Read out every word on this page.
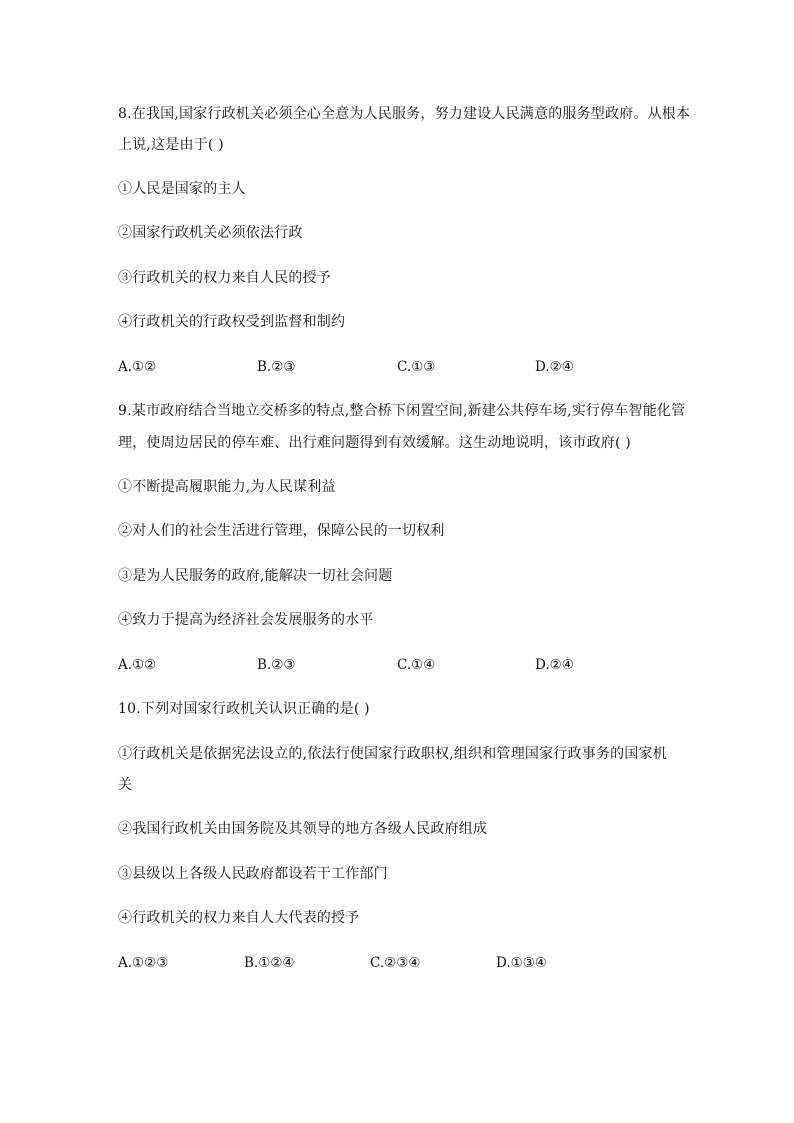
8.在我国,国家行政机关必须全心全意为人民服务，努力建设人民满意的服务型政府。从根本
上说,这是由于( )
①人民是国家的主人
②国家行政机关必须依法行政
③行政机关的权力来自人民的授予
④行政机关的行政权受到监督和制约
A.①②	B.②③	C.①③	D.②④
9.某市政府结合当地立交桥多的特点,整合桥下闲置空间,新建公共停车场,实行停车智能化管
理，使周边居民的停车难、出行难问题得到有效缓解。这生动地说明，该市政府( )
①不断提高履职能力,为人民谋利益
②对人们的社会生活进行管理，保障公民的一切权利
③是为人民服务的政府,能解决一切社会问题
④致力于提高为经济社会发展服务的水平
A.①②	B.②③	C.①④	D.②④
10.下列对国家行政机关认识正确的是( )
①行政机关是依据宪法设立的,依法行使国家行政职权,组织和管理国家行政事务的国家机
关
②我国行政机关由国务院及其领导的地方各级人民政府组成
③县级以上各级人民政府都设若干工作部门
④行政机关的权力来自人大代表的授予
A.①②③	B.①②④	C.②③④	D.①③④
